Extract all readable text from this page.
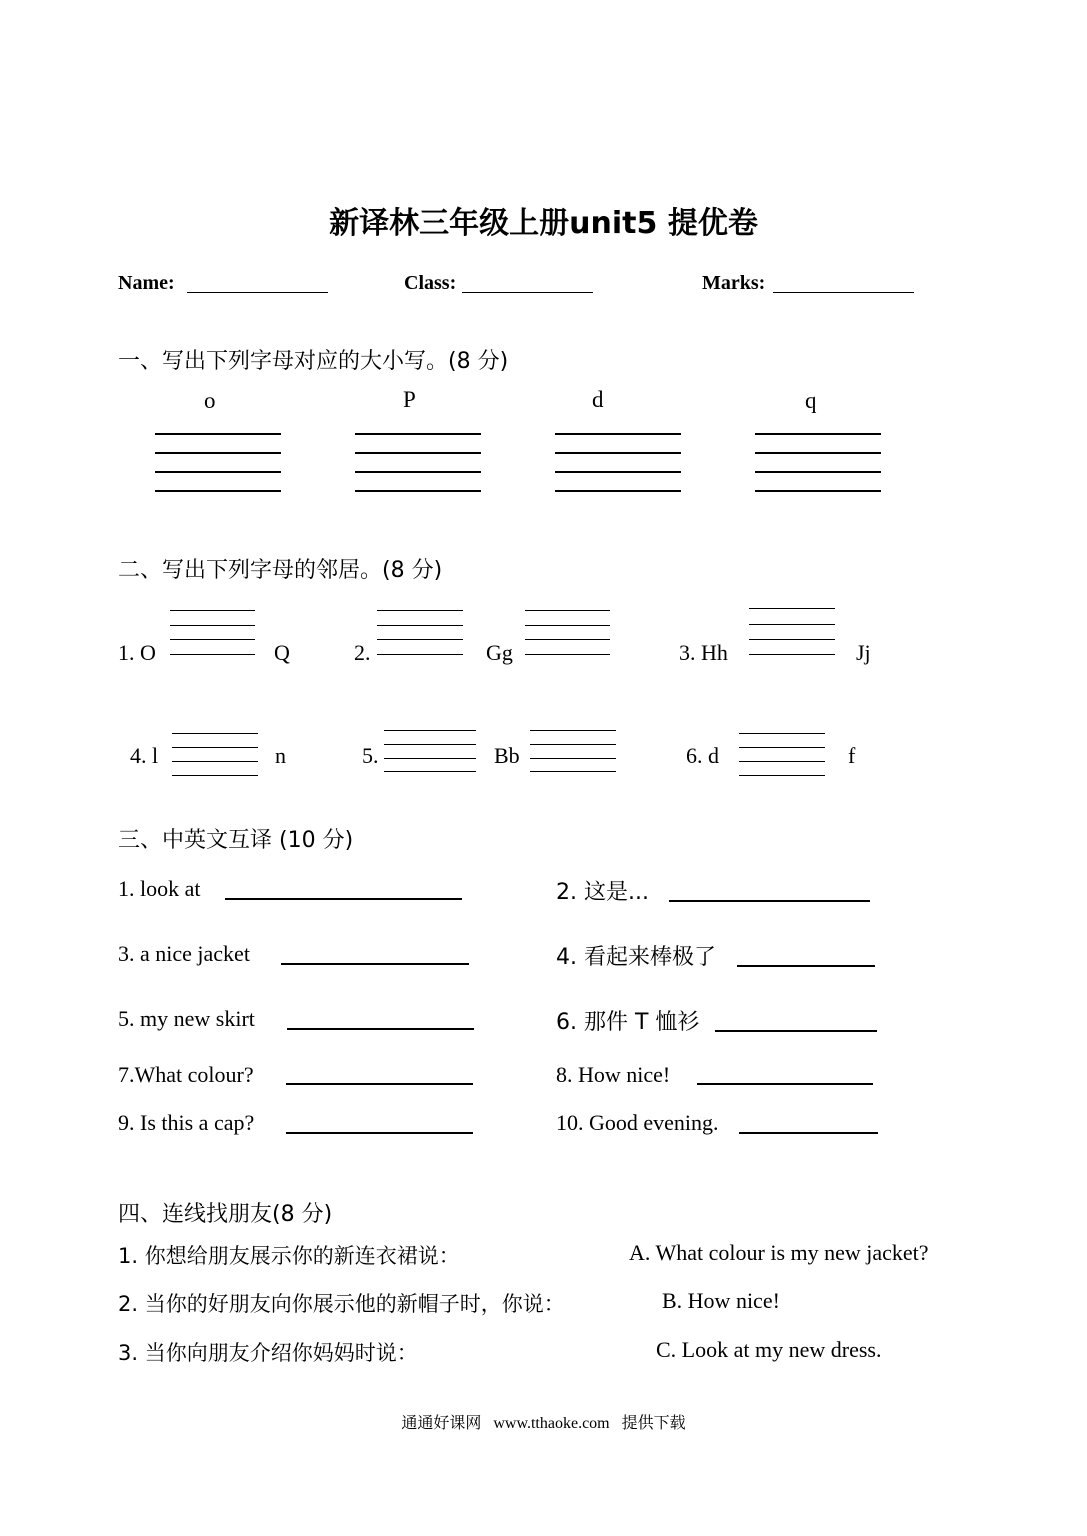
新译林三年级上册unit5 提优卷
Name:	Class:	Marks:
一、写出下列字母对应的大小写。(8 分)
o	P	d	q
二、写出下列字母的邻居。(8 分)
1. O	Q	2.	Gg	3. Hh	Jj
4. l	n	5.	Bb	6. d	f
三、中英文互译 (10 分)
1. look at	2. 这是...
3. a nice jacket	4. 看起来棒极了
5. my new skirt	6. 那件 T 恤衫
7.What colour?	8. How nice!
9. Is this a cap?	10. Good evening.
四、连线找朋友(8 分)
1. 你想给朋友展示你的新连衣裙说：	A. What colour is my new jacket?
2. 当你的好朋友向你展示他的新帽子时，你说：	B. How nice!
3. 当你向朋友介绍你妈妈时说：	C. Look at my new dress.
通通好课网 www.tthaoke.com 提供下载
